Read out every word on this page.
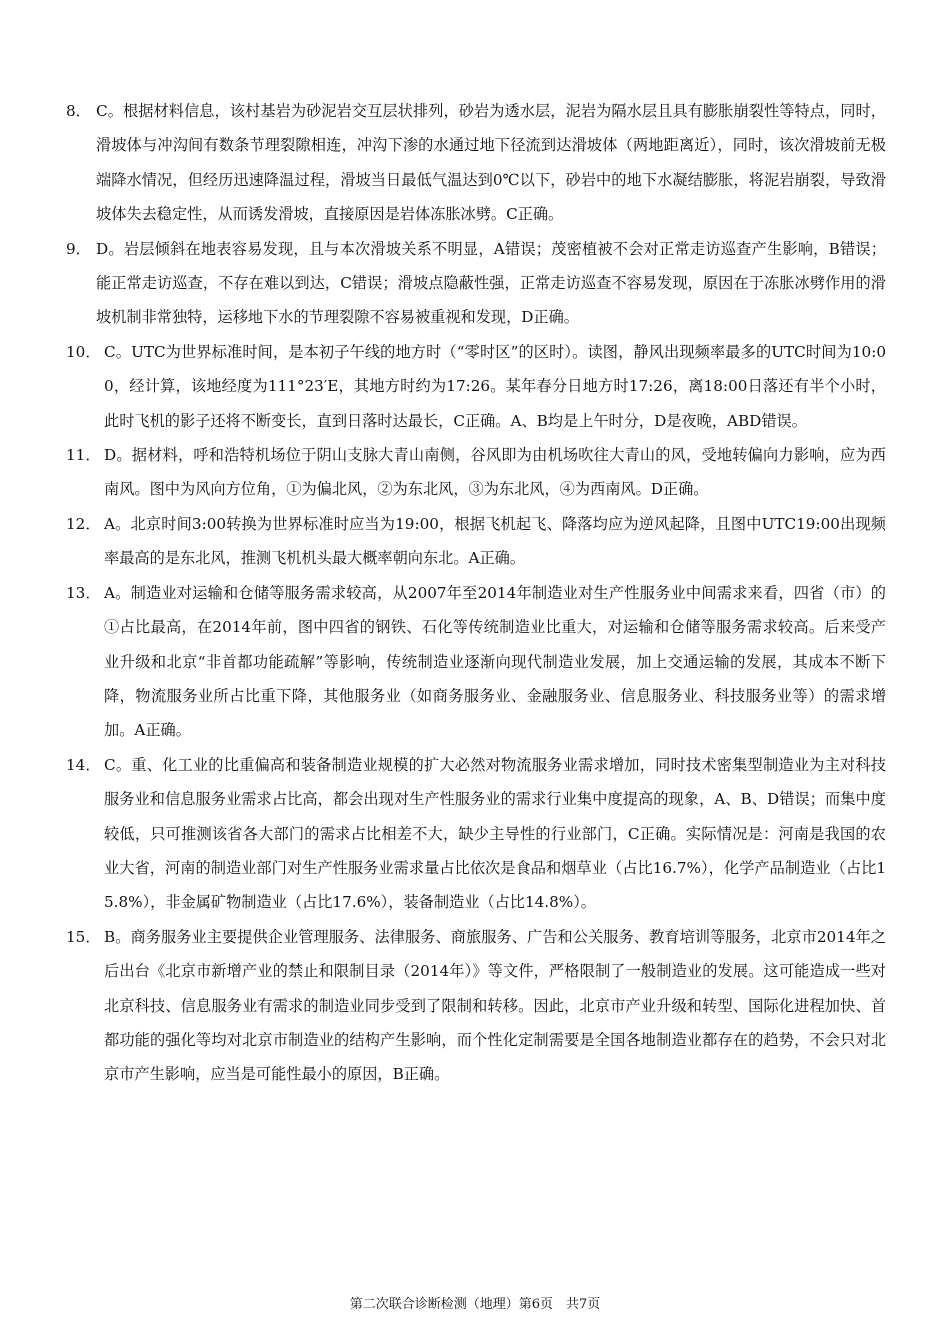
8． C。根据材料信息，该村基岩为砂泥岩交互层状排列，砂岩为透水层，泥岩为隔水层且具有膨胀崩裂性等特点，同时，滑坡体与冲沟间有数条节理裂隙相连，冲沟下渗的水通过地下径流到达滑坡体（两地距离近），同时，该次滑坡前无极端降水情况，但经历迅速降温过程，滑坡当日最低气温达到0℃以下，砂岩中的地下水凝结膨胀，将泥岩崩裂，导致滑坡体失去稳定性，从而诱发滑坡，直接原因是岩体冻胀冰劈。C正确。
9． D。岩层倾斜在地表容易发现，且与本次滑坡关系不明显，A错误；茂密植被不会对正常走访巡查产生影响，B错误；能正常走访巡查，不存在难以到达，C错误；滑坡点隐蔽性强，正常走访巡查不容易发现，原因在于冻胀冰劈作用的滑坡机制非常独特，运移地下水的节理裂隙不容易被重视和发现，D正确。
10． C。UTC为世界标准时间，是本初子午线的地方时（“零时区”的区时）。读图，静风出现频率最多的UTC时间为10:00，经计算，该地经度为111°23′E，其地方时约为17:26。某年春分日地方时17:26，离18:00日落还有半个小时，此时飞机的影子还将不断变长，直到日落时达最长，C正确。A、B均是上午时分，D是夜晚，ABD错误。
11． D。据材料，呼和浩特机场位于阴山支脉大青山南侧，谷风即为由机场吹往大青山的风，受地转偏向力影响，应为西南风。图中为风向方位角，①为偏北风，②为东北风，③为东北风，④为西南风。D正确。
12． A。北京时间3:00转换为世界标准时应当为19:00，根据飞机起飞、降落均应为逆风起降，且图中UTC19:00出现频率最高的是东北风，推测飞机机头最大概率朝向东北。A正确。
13． A。制造业对运输和仓储等服务需求较高，从2007年至2014年制造业对生产性服务业中间需求来看，四省（市）的①占比最高，在2014年前，图中四省的钢铁、石化等传统制造业比重大，对运输和仓储等服务需求较高。后来受产业升级和北京“非首都功能疏解”等影响，传统制造业逐渐向现代制造业发展，加上交通运输的发展，其成本不断下降，物流服务业所占比重下降，其他服务业（如商务服务业、金融服务业、信息服务业、科技服务业等）的需求增加。A正确。
14． C。重、化工业的比重偏高和装备制造业规模的扩大必然对物流服务业需求增加，同时技术密集型制造业为主对科技服务业和信息服务业需求占比高，都会出现对生产性服务业的需求行业集中度提高的现象，A、B、D错误；而集中度较低，只可推测该省各大部门的需求占比相差不大，缺少主导性的行业部门，C正确。实际情况是：河南是我国的农业大省，河南的制造业部门对生产性服务业需求量占比依次是食品和烟草业（占比16.7%），化学产品制造业（占比15.8%），非金属矿物制造业（占比17.6%），装备制造业（占比14.8%）。
15． B。商务服务业主要提供企业管理服务、法律服务、商旅服务、广告和公关服务、教育培训等服务，北京市2014年之后出台《北京市新增产业的禁止和限制目录（2014年）》等文件，严格限制了一般制造业的发展。这可能造成一些对北京科技、信息服务业有需求的制造业同步受到了限制和转移。因此，北京市产业升级和转型、国际化进程加快、首都功能的强化等均对北京市制造业的结构产生影响，而个性化定制需要是全国各地制造业都存在的趋势，不会只对北京市产生影响，应当是可能性最小的原因，B正确。
第二次联合诊断检测（地理）第6页　共7页
